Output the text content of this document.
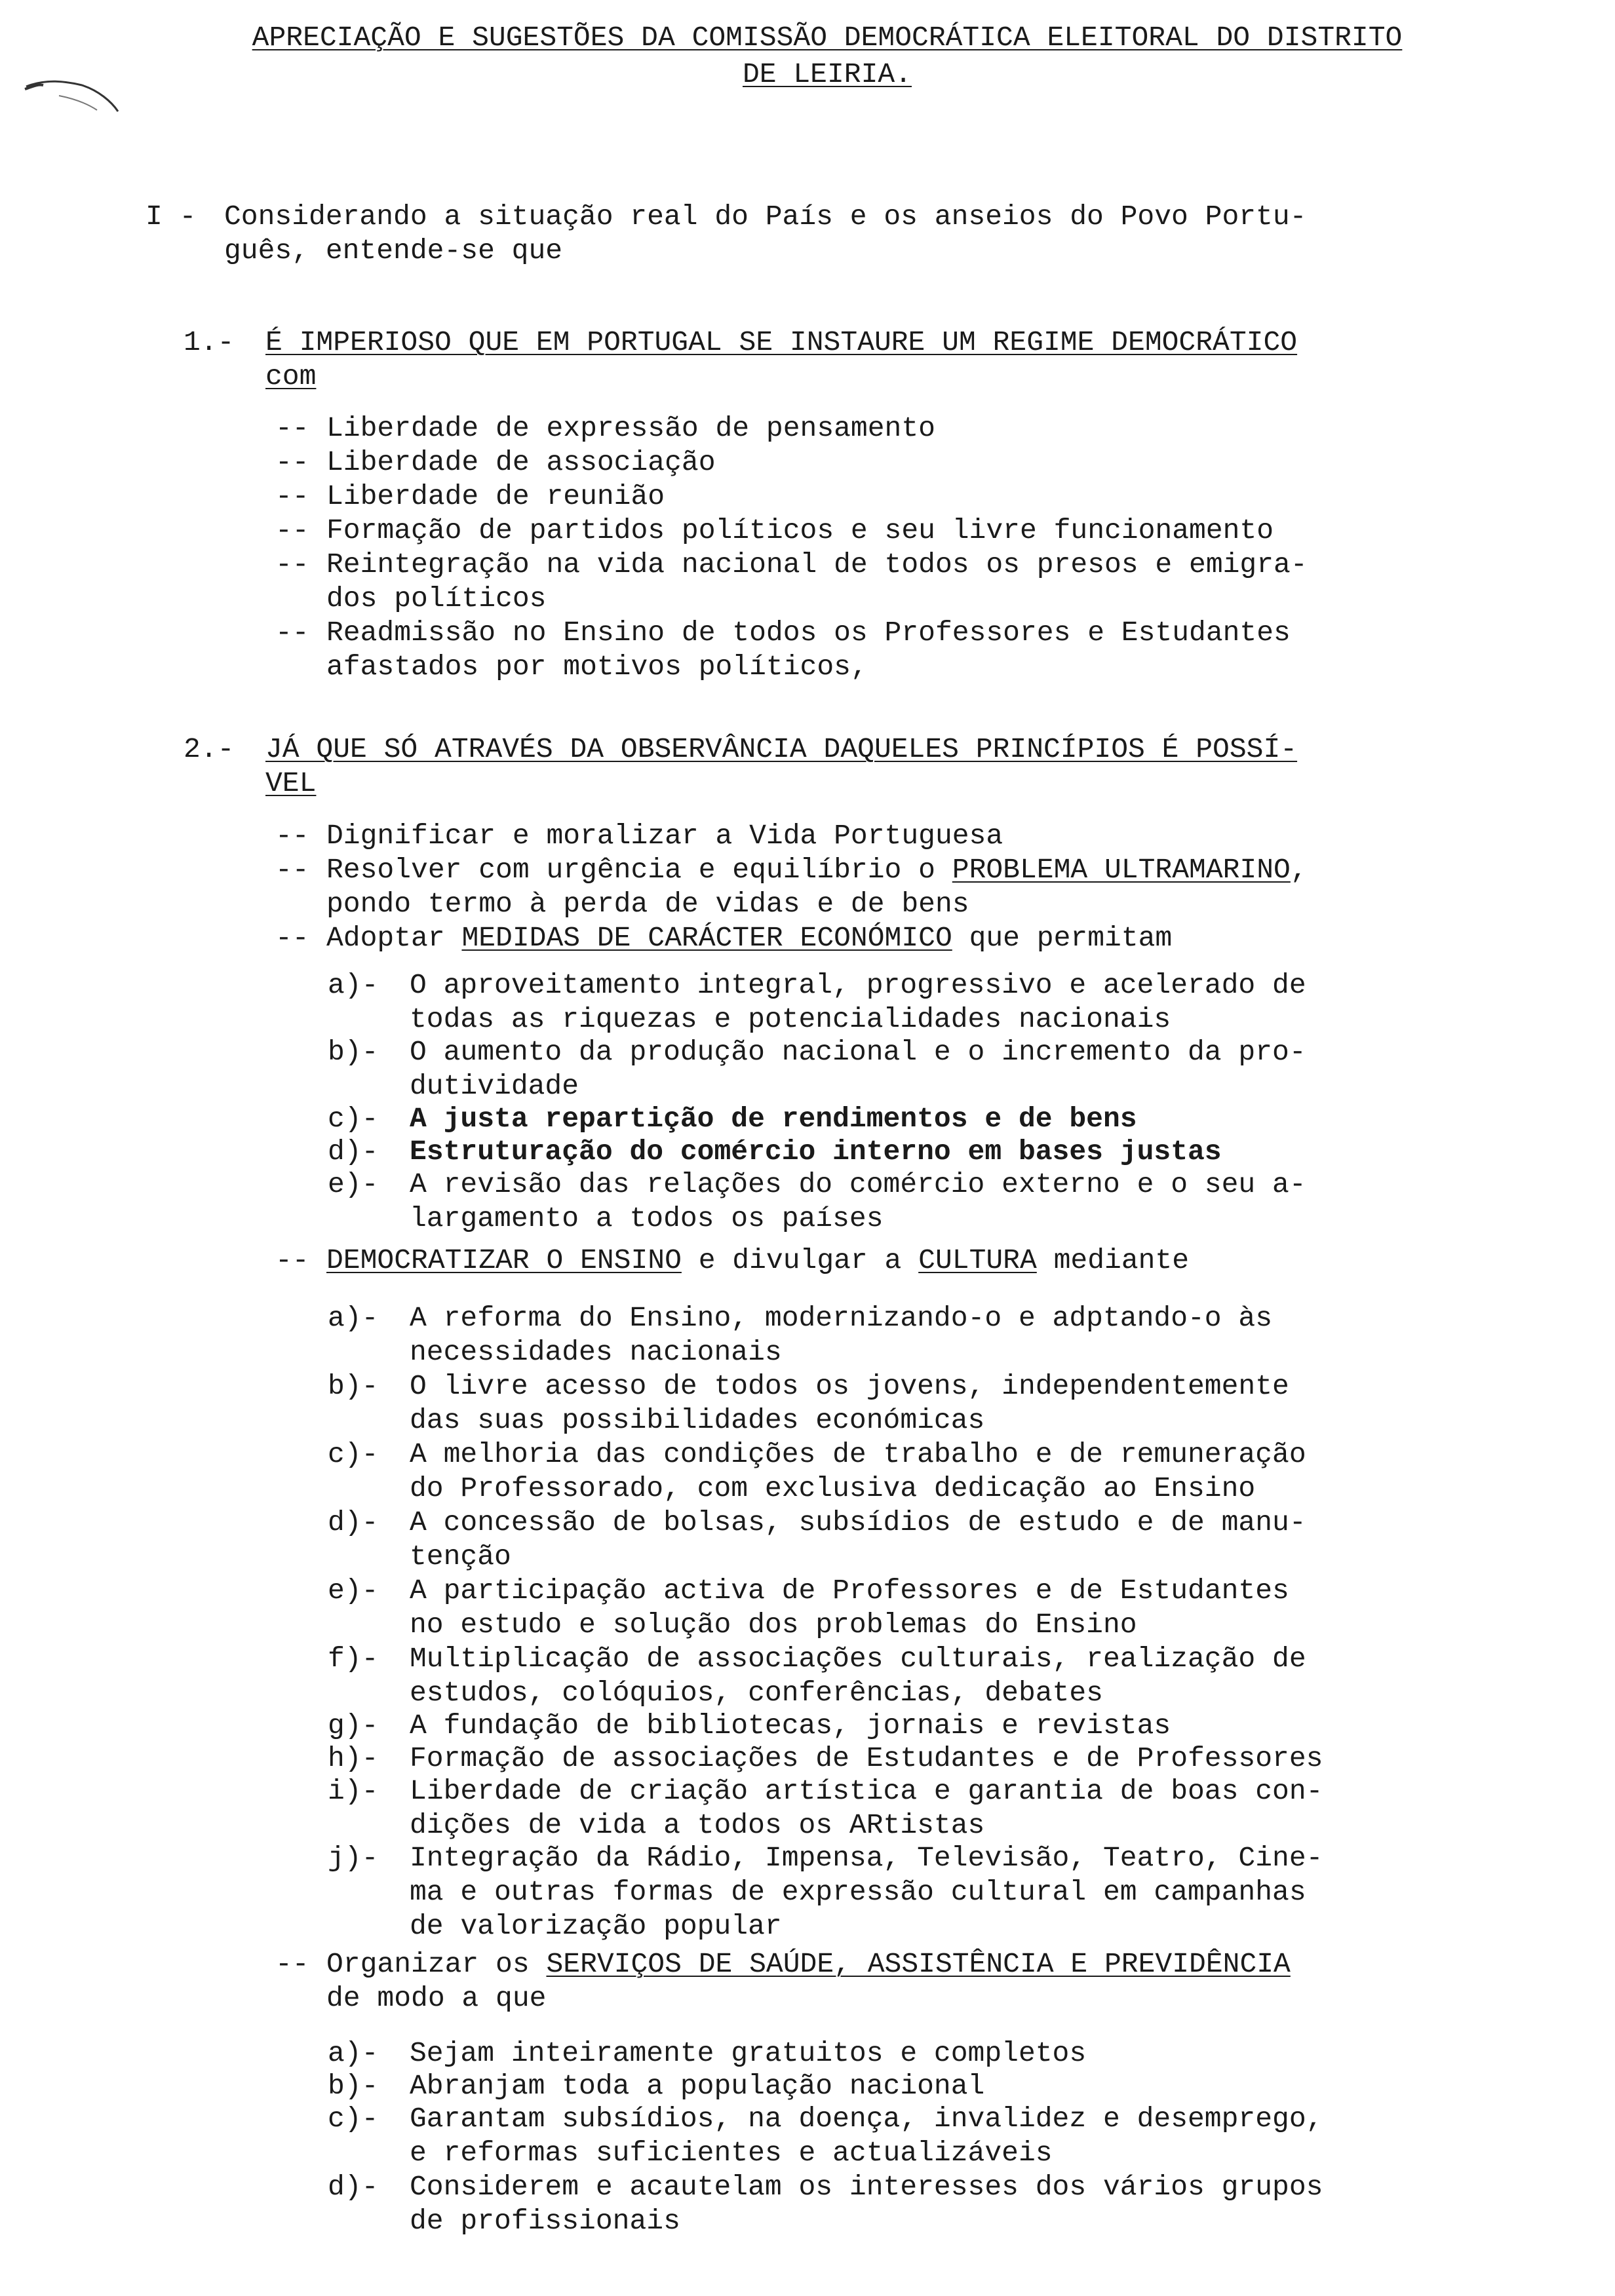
APRECIAÇÃO E SUGESTÕES DA COMISSÃO DEMOCRÁTICA ELEITORAL DO DISTRITO
DE LEIRIA.
I - Considerando a situação real do País e os anseios do Povo Portu-
guês, entende-se que
1.- É IMPERIOSO QUE EM PORTUGAL SE INSTAURE UM REGIME DEMOCRÁTICO
com
-- Liberdade de expressão de pensamento
-- Liberdade de associação
-- Liberdade de reunião
-- Formação de partidos políticos e seu livre funcionamento
-- Reintegração na vida nacional de todos os presos e emigra-
dos políticos
-- Readmissão no Ensino de todos os Professores e Estudantes
afastados por motivos políticos,
2.- JÁ QUE SÓ ATRAVÉS DA OBSERVÂNCIA DAQUELES PRINCÍPIOS É POSSÍ-
VEL
-- Dignificar e moralizar a Vida Portuguesa
-- Resolver com urgência e equilíbrio o PROBLEMA ULTRAMARINO,
pondo termo à perda de vidas e de bens
-- Adoptar MEDIDAS DE CARÁCTER ECONÓMICO que permitam
a)- O aproveitamento integral, progressivo e acelerado de
todas as riquezas e potencialidades nacionais
b)- O aumento da produção nacional e o incremento da pro-
dutividade
c)- A justa repartição de rendimentos e de bens
d)- Estruturação do comércio interno em bases justas
e)- A revisão das relações do comércio externo e o seu a-
largamento a todos os países
-- DEMOCRATIZAR O ENSINO e divulgar a CULTURA mediante
a)- A reforma do Ensino, modernizando-o e adptando-o às
necessidades nacionais
b)- O livre acesso de todos os jovens, independentemente
das suas possibilidades económicas
c)- A melhoria das condições de trabalho e de remuneração
do Professorado, com exclusiva dedicação ao Ensino
d)- A concessão de bolsas, subsídios de estudo e de manu-
tenção
e)- A participação activa de Professores e de Estudantes
no estudo e solução dos problemas do Ensino
f)- Multiplicação de associações culturais, realização de
estudos, colóquios, conferências, debates
g)- A fundação de bibliotecas, jornais e revistas
h)- Formação de associações de Estudantes e de Professores
i)- Liberdade de criação artística e garantia de boas con-
dições de vida a todos os ARtistas
j)- Integração da Rádio, Impensa, Televisão, Teatro, Cine-
ma e outras formas de expressão cultural em campanhas
de valorização popular
-- Organizar os SERVIÇOS DE SAÚDE, ASSISTÊNCIA E PREVIDÊNCIA
de modo a que
a)- Sejam inteiramente gratuitos e completos
b)- Abranjam toda a população nacional
c)- Garantam subsídios, na doença, invalidez e desemprego,
e reformas suficientes e actualizáveis
d)- Considerem e acautelam os interesses dos vários grupos
de profissionais
